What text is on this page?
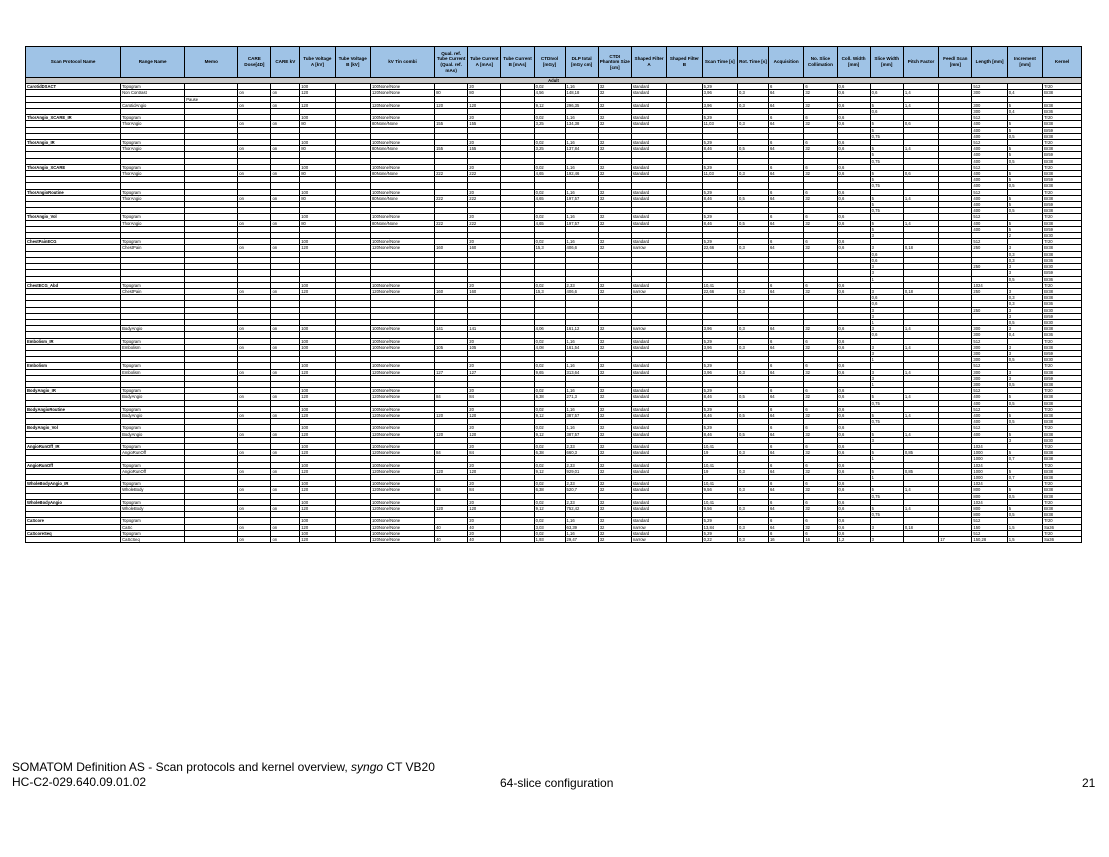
Scan Protocol Name	Range Name	Memo	CARE Dose[4D]	CARE kV	Tube Voltage A [kV]	Tube Voltage B [kV]	kV Tin combi	Qual. ref. Tube Current (Qual. ref. mAs)	Tube Current A [mAs]	Tube Current B [mAs]	CTDIvol [mGy]	DLP total [mGy cm]	CTDI Phantom Size [cm]	Shaped Filter A	Shaped Filter B	Scan Time [s]	Rot. Time [s]	Acquisition	No. Slice Collimation	Coll. Width [mm]	Slice Width [mm]	Pitch Factor	Feed/ Scan [mm]	Length [mm]	Increment [mm]	Kernel
Adult																										
CarotidDSACT	Topogram				100		100None/None		20		0,02	1,16	32	standard		5,29		6	6	0,6				512		Tr20
	Non Contrast		on	on	120		120None/None	80	80		4,56	148,18	32	standard		3,96	0,3	64	32	0,6	0,6	1,4		300	0,4	Br38
		Pause																								
	CarotidAngio		on	on	120		120None/None	120	120		9,12	296,35	32	standard		3,96	0,3	64	32	0,6	5	1,4		300	5	Br38
																					0,6			300	0,4	Br36
ThorAngio_XCARE_IR	Topogram				100		100None/None		20		0,02	1,16	32	standard		5,29		6	6	0,6				512		Tr20
	ThorAngio		on	on	80		80None/None	155	155		3,25	134,38	32	standard		11,03	0,3	64	32	0,6	5	0,6		400	5	Br38
																					5			400	5	Br59
																					0,75			400	0,5	Br38
ThorAngio_IR	Topogram				100		100None/None		20		0,02	1,16	32	standard		5,29		6	6	0,6				512		Tr20
	ThorAngio		on	on	80		80None/None	155	155		3,25	137,84	32	standard		8,46	0,5	64	32	0,6	5	1,4		400	5	Br38
																					5			400	5	Br59
																					0,75			400	0,5	Br38
ThorAngio_XCARE	Topogram				100		100None/None		20		0,02	1,16	32	standard		5,29		6	6	0,6				512		Tr20
	ThorAngio		on	on	80		80None/None	222	222		4,65	192,46	32	standard		11,03	0,3	64	32	0,6	5	0,6		400	5	Br38
																					5			400	5	Br59
																					0,75			400	0,5	Br38
ThorAngioRoutine	Topogram				100		100None/None		20		0,02	1,16	32	standard		5,29		6	6	0,6				512		Tr20
	ThorAngio		on	on	80		80None/None	222	222		4,65	197,57	32	standard		8,46	0,5	64	32	0,6	5	1,4		400	5	Br38
																					5			400	5	Br59
																					0,75			400	0,5	Br38
ThorAngio_Vol	Topogram				100		100None/None		20		0,02	1,16	32	standard		5,29		6	6	0,6				512		Tr20
	ThorAngio		on	on	80		80None/None	222	222		4,65	197,57	32	standard		8,46	0,5	64	32	0,6	5	1,4		400	5	Br38
																					5			400	5	Br59
																					3				2	Br30
ChestPainECG	Topogram				100		100None/None		20		0,02	1,16	32	standard		5,29		6	6	0,6				512		Tr20
	ChestPain		on	on	120		120None/None	160	160		15,3	406,6	32	narrow		22,66	0,3	64	32	0,6	3	0,18		250	3	Br38
																					0,6				0,3	Br38
																					0,6				0,3	Br36
																					3			250	3	Br30
																					3				3	Br59
																					1				0,5	Br36
ChestECG_Abd	Topogram				100		100None/None		20		0,02	2,33	32	standard		10,41		6	6	0,6				1024		Tr20
	ChestPain		on	on	120		120None/None	160	160		15,3	406,6	32	narrow		22,66	0,3	64	32	0,6	3	0,18		250	3	Br38
																					0,6				0,3	Br38
																					0,6				0,3	Br36
																					3			250	3	Br30
																					3				3	Br59
																					1				0,5	Br30
	BodyAngio		on	on	100		100None/None	141	141		4,06	161,12	32	narrow		3,96	0,3	64	32	0,6	3	1,4		300	3	Br38
																					0,6			300	0,4	Br36
Embolism_IR	Topogram				100		100None/None		20		0,02	1,16	32	standard		5,29		6	6	0,6				512		Tr20
	Embolism		on	on	100		100None/None	105	105		4,08	161,54	32	standard		3,96	0,3	64	32	0,6	3	1,4		300	3	Br38
																					3			300	3	Br59
																					1			300	0,5	Br30
Embolism	Topogram				100		100None/None		20		0,02	1,16	32	standard		5,29		6	6	0,6				512		Tr20
	Embolism		on	on	120		120None/None	127	127		9,65	313,64	32	standard		3,96	0,3	64	32	0,6	3	1,4		300	3	Br38
																					3			300	3	Br59
																					1			300	0,5	Br38
BodyAngio_IR	Topogram				100		100None/None		20		0,02	1,16	32	standard		5,29		6	6	0,6				512		Tr20
	BodyAngio		on	on	120		120None/None	84	84		6,38	271,3	32	standard		8,46	0,5	64	32	0,6	5	1,4		400	5	Br38
																					0,75			400	0,5	Br38
BodyAngioRoutine	Topogram				100		100None/None		20		0,02	1,16	32	standard		5,29		6	6	0,6				512		Tr20
	BodyAngio		on	on	120		120None/None	120	120		9,12	387,57	32	standard		8,46	0,5	64	32	0,6	5	1,4		400	5	Br38
																					0,75			400	0,5	Br38
BodyAngio_Vol	Topogram				100		100None/None		20		0,02	1,16	32	standard		5,29		6	6	0,6				512		Tr20
	BodyAngio		on	on	120		120None/None	120	120		9,12	387,57	32	standard		8,46	0,5	64	32	0,6	5	1,4		400	5	Br38
																					3				3	Br30
AngioRunOff_IR	Topogram				100		100None/None		20		0,02	2,33	32	standard		10,41		6	6	0,6				1024		Tr20
	AngioRunOff		on	on	120		120None/None	84	84		6,38	660,3	32	standard		19	0,3	64	32	0,6	5	0,85		1000	5	Br38
																					1			1000	0,7	Br38
AngioRunOff	Topogram				100		100None/None		20		0,02	2,33	32	standard		10,41		6	6	0,6				1024		Tr20
	AngioRunOff		on	on	120		120None/None	120	120		9,12	929,01	32	standard		19	0,3	64	32	0,6	5	0,85		1000	5	Br38
																					1			1000	0,7	Br38
WholeBodyAngio_IR	Topogram				100		100None/None		20		0,02	2,33	32	standard		10,41		6	6	0,6				1024		Tr20
	WholeBody		on	on	120		120None/None	84	84		6,38	520,7	32	standard		9,56	0,3	64	32	0,6	5	1,4		800	5	Br38
																					0,75			800	0,5	Br38
WholeBodyAngio	Topogram				100		100None/None		20		0,02	2,33	32	standard		10,41		6	6	0,6				1024		Tr20
	WholeBody		on	on	120		120None/None	120	120		9,12	752,42	32	standard		9,56	0,3	64	32	0,6	5	1,4		800	5	Br38
																					0,75			800	0,5	Br38
CaScore	Topogram				100		100None/None		20		0,02	1,16	32	standard		5,29		6	6	0,6				512		Tr20
	CaSc		on	on	120		120None/None	40	40		3,03	63,39	32	narrow		13,84	0,3	64	32	0,6	3	0,18		150	1,5	Sa36
CaScoreSeq	Topogram				100		100None/None		20		0,02	1,16	32	standard		5,29		6	6	0,6				512		Tr20
	CaScSeq		on	on	120		120None/None	40	40		1,93	29,47	32	narrow		0,22	0,3	16	16	1,2	3		17	150,28	1,5	Sa36
SOMATOM Definition AS - Scan protocols and kernel overview, syngo CT VB20
HC-C2-029.640.09.01.02	64-slice configuration	21
